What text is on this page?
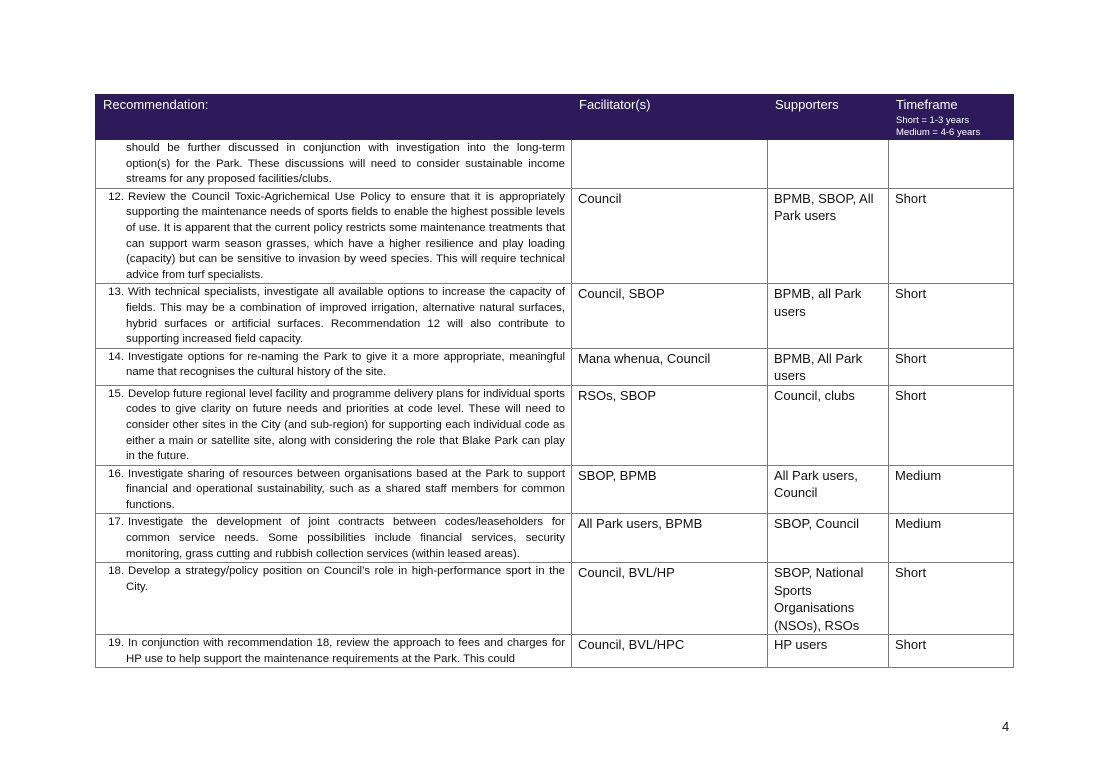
Recommendation:	Facilitator(s)	Supporters	Timeframe
Short = 1-3 years
Medium = 4-6 years

should be further discussed in conjunction with investigation into the long-term option(s) for the Park. These discussions will need to consider sustainable income streams for any proposed facilities/clubs.			

12. Review the Council Toxic-Agrichemical Use Policy to ensure that it is appropriately supporting the maintenance needs of sports fields to enable the highest possible levels of use. It is apparent that the current policy restricts some maintenance treatments that can support warm season grasses, which have a higher resilience and play loading (capacity) but can be sensitive to invasion by weed species. This will require technical advice from turf specialists.	Council	BPMB, SBOP, All Park users	Short

13. With technical specialists, investigate all available options to increase the capacity of fields. This may be a combination of improved irrigation, alternative natural surfaces, hybrid surfaces or artificial surfaces. Recommendation 12 will also contribute to supporting increased field capacity.	Council, SBOP	BPMB, all Park users	Short

14. Investigate options for re-naming the Park to give it a more appropriate, meaningful name that recognises the cultural history of the site.	Mana whenua, Council	BPMB, All Park users	Short

15. Develop future regional level facility and programme delivery plans for individual sports codes to give clarity on future needs and priorities at code level. These will need to consider other sites in the City (and sub-region) for supporting each individual code as either a main or satellite site, along with considering the role that Blake Park can play in the future.	RSOs, SBOP	Council, clubs	Short

16. Investigate sharing of resources between organisations based at the Park to support financial and operational sustainability, such as a shared staff members for common functions.	SBOP, BPMB	All Park users, Council	Medium

17. Investigate the development of joint contracts between codes/leaseholders for common service needs. Some possibilities include financial services, security monitoring, grass cutting and rubbish collection services (within leased areas).	All Park users, BPMB	SBOP, Council	Medium

18. Develop a strategy/policy position on Council’s role in high-performance sport in the City.	Council, BVL/HP	SBOP, National Sports Organisations (NSOs), RSOs	Short

19. In conjunction with recommendation 18, review the approach to fees and charges for HP use to help support the maintenance requirements at the Park. This could	Council, BVL/HPC	HP users	Short
4
